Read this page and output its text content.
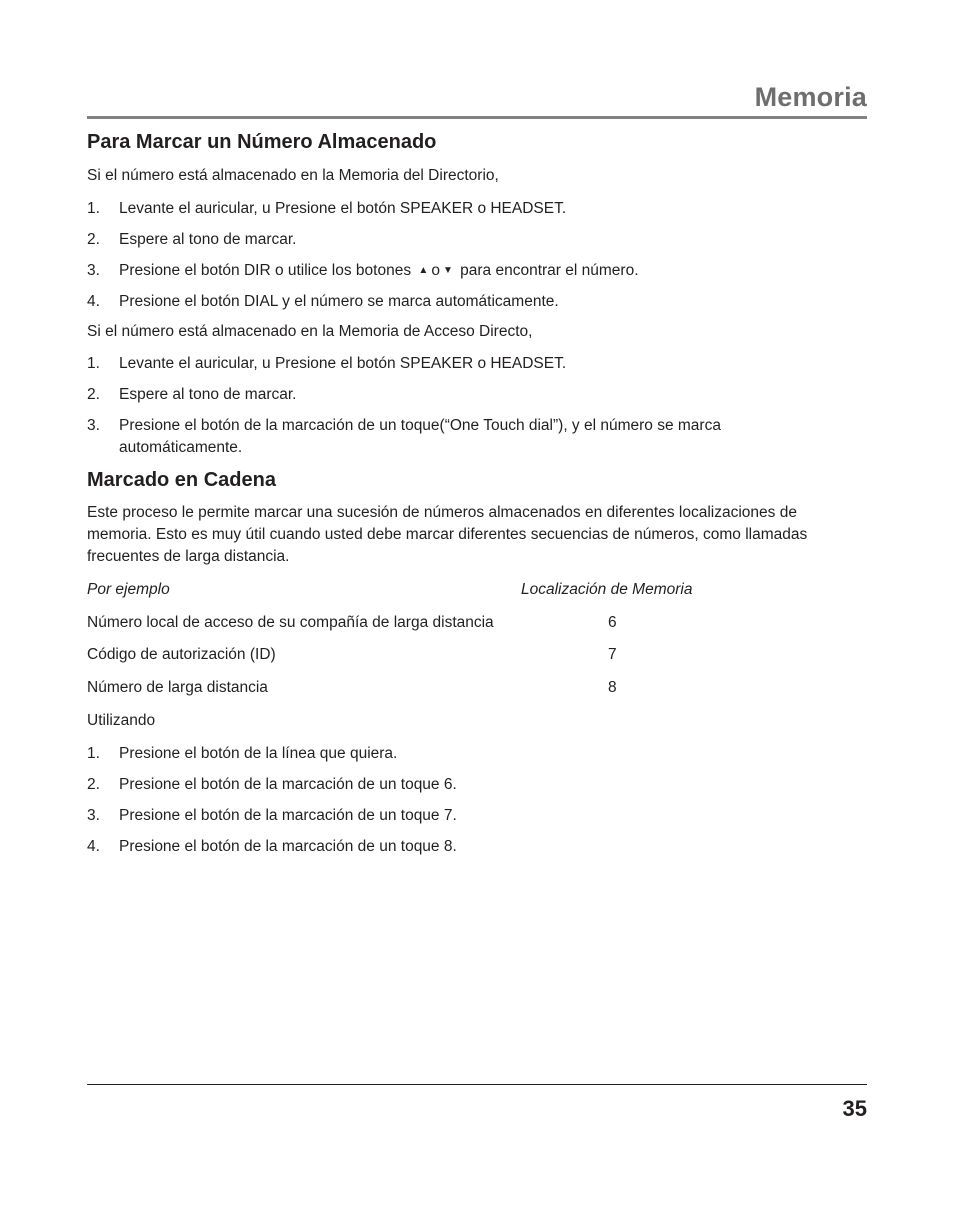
Memoria
Para Marcar un Número Almacenado

Si el número está almacenado en la Memoria del Directorio,

1. Levante el auricular, u Presione el botón SPEAKER o HEADSET.
2. Espere al tono de marcar.
3. Presione el botón DIR o utilice los botones ▲ o ▼ para encontrar el número.
4. Presione el botón DIAL y el número se marca automáticamente.

Si el número está almacenado en la Memoria de Acceso Directo,

1. Levante el auricular, u Presione el botón SPEAKER o HEADSET.
2. Espere al tono de marcar.
3. Presione el botón de la marcación de un toque(“One Touch dial”), y el número se marca automáticamente.
Marcado en Cadena

Este proceso le permite marcar una sucesión de números almacenados en diferentes localizaciones de memoria. Esto es muy útil cuando usted debe marcar diferentes secuencias de números, como llamadas frecuentes de larga distancia.

Por ejemplo	Localización de Memoria
Número local de acceso de su compañía de larga distancia	6
Código de autorización (ID)	7
Número de larga distancia	8

Utilizando

1. Presione el botón de la línea que quiera.
2. Presione el botón de la marcación de un toque 6.
3. Presione el botón de la marcación de un toque 7.
4. Presione el botón de la marcación de un toque 8.
35
